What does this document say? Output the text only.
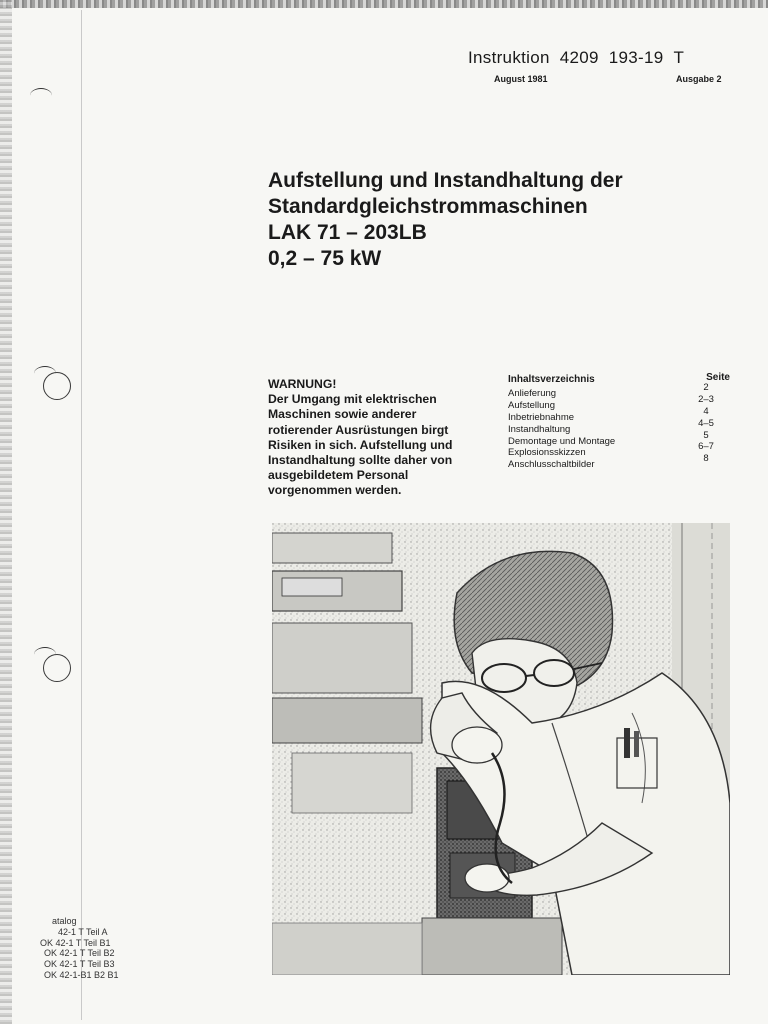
Instruktion 4209 193-19 T
August 1981	Ausgabe 2
Aufstellung und Instandhaltung der
Standardgleichstrommaschinen
LAK 71 – 203LB
0,2 – 75 kW
WARNUNG!
Der Umgang mit elektrischen
Maschinen sowie anderer
rotierender Ausrüstungen birgt
Risiken in sich. Aufstellung und
Instandhaltung sollte daher von
ausgebildetem Personal
vorgenommen werden.
Inhaltsverzeichnis	Seite
Anlieferung
2
Aufstellung
2–3
Inbetriebnahme
4
Instandhaltung
4–5
Demontage und Montage
5
Explosionsskizzen
6–7
Anschlusschaltbilder
8
atalog
42-1 T Teil A
OK 42-1 T Teil B1
OK 42-1 T Teil B2
OK 42-1 T Teil B3
OK 42-1-B1 B2 B1
